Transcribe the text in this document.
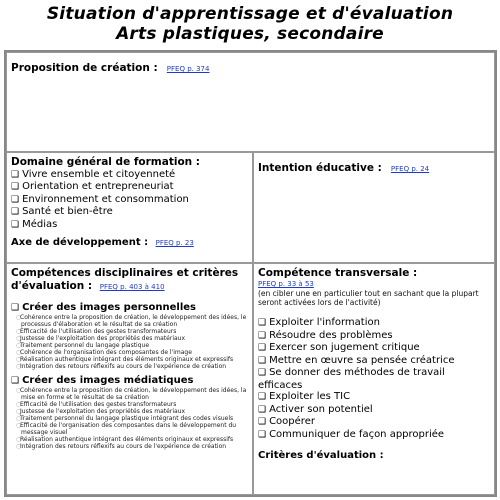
Situation d'apprentissage et d'évaluation
Arts plastiques, secondaire
Proposition de création : PFEQ p. 374
Domaine général de formation :
❑ Vivre ensemble et citoyenneté
❑ Orientation et entrepreneuriat
❑ Environnement et consommation
❑ Santé et bien-être
❑ Médias
Axe de développement : PFEQ p. 23
Intention éducative : PFEQ p. 24
Compétences disciplinaires et critères
d'évaluation : PFEQ p. 403 à 410
❑ Créer des images personnelles
○Cohérence entre la proposition de création, le développement des idées, le processus d'élaboration et le résultat de sa création
○Efficacité de l'utilisation des gestes transformateurs
○Justesse de l'exploitation des propriétés des matériaux
○Traitement personnel du langage plastique
○Cohérence de l'organisation des composantes de l'image
○Réalisation authentique intégrant des éléments originaux et expressifs
○Intégration des retours réflexifs au cours de l'expérience de création
❑ Créer des images médiatiques
○Cohérence entre la proposition de création, le développement des idées, la mise en forme et le résultat de sa création
○Efficacité de l'utilisation des gestes transformateurs
○Justesse de l'exploitation des propriétés des matériaux
○Traitement personnel du langage plastique intégrant des codes visuels
○Efficacité de l'organisation des composantes dans le développement du message visuel
○Réalisation authentique intégrant des éléments originaux et expressifs
○Intégration des retours réflexifs au cours de l'expérience de création
Compétence transversale :
PFEQ p. 33 à 53
(en cibler une en particulier tout en sachant que la plupart seront activées lors de l'activité)
❑ Exploiter l'information
❑ Résoudre des problèmes
❑ Exercer son jugement critique
❑ Mettre en œuvre sa pensée créatrice
❑ Se donner des méthodes de travail efficaces
❑ Exploiter les TIC
❑ Activer son potentiel
❑ Coopérer
❑ Communiquer de façon appropriée
Critères d'évaluation :
